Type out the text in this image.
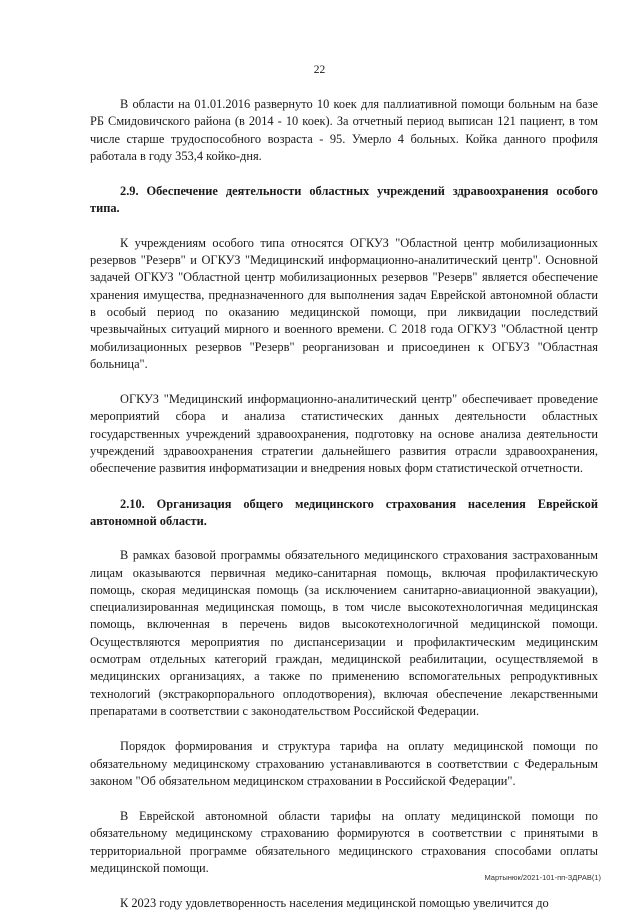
22

В области на 01.01.2016 развернуто 10 коек для паллиативной помощи больным на базе РБ Смидовичского района (в 2014 - 10 коек). За отчетный период выписан 121 пациент, в том числе старше трудоспособного возраста - 95. Умерло 4 больных. Койка данного профиля работала в году 353,4 койко-дня.

2.9. Обеспечение деятельности областных учреждений здравоохранения особого типа.

К учреждениям особого типа относятся ОГКУЗ "Областной центр мобилизационных резервов "Резерв" и ОГКУЗ "Медицинский информационно-аналитический центр". Основной задачей ОГКУЗ "Областной центр мобилизационных резервов "Резерв" является обеспечение хранения имущества, предназначенного для выполнения задач Еврейской автономной области в особый период по оказанию медицинской помощи, при ликвидации последствий чрезвычайных ситуаций мирного и военного времени. С 2018 года ОГКУЗ "Областной центр мобилизационных резервов "Резерв" реорганизован и присоединен к ОГБУЗ "Областная больница".

ОГКУЗ "Медицинский информационно-аналитический центр" обеспечивает проведение мероприятий сбора и анализа статистических данных деятельности областных государственных учреждений здравоохранения, подготовку на основе анализа деятельности учреждений здравоохранения стратегии дальнейшего развития отрасли здравоохранения, обеспечение развития информатизации и внедрения новых форм статистической отчетности.

2.10. Организация общего медицинского страхования населения Еврейской автономной области.

В рамках базовой программы обязательного медицинского страхования застрахованным лицам оказываются первичная медико-санитарная помощь, включая профилактическую помощь, скорая медицинская помощь (за исключением санитарно-авиационной эвакуации), специализированная медицинская помощь, в том числе высокотехнологичная медицинская помощь, включенная в перечень видов высокотехнологичной медицинской помощи. Осуществляются мероприятия по диспансеризации и профилактическим медицинским осмотрам отдельных категорий граждан, медицинской реабилитации, осуществляемой в медицинских организациях, а также по применению вспомогательных репродуктивных технологий (экстракорпорального оплодотворения), включая обеспечение лекарственными препаратами в соответствии с законодательством Российской Федерации.

Порядок формирования и структура тарифа на оплату медицинской помощи по обязательному медицинскому страхованию устанавливаются в соответствии с Федеральным законом "Об обязательном медицинском страховании в Российской Федерации".

В Еврейской автономной области тарифы на оплату медицинской помощи по обязательному медицинскому страхованию формируются в соответствии с принятыми в территориальной программе обязательного медицинского страхования способами оплаты медицинской помощи.

К 2023 году удовлетворенность населения медицинской помощью увеличится до

Мартынюк/2021-101-пп-ЗДРАВ(1)
